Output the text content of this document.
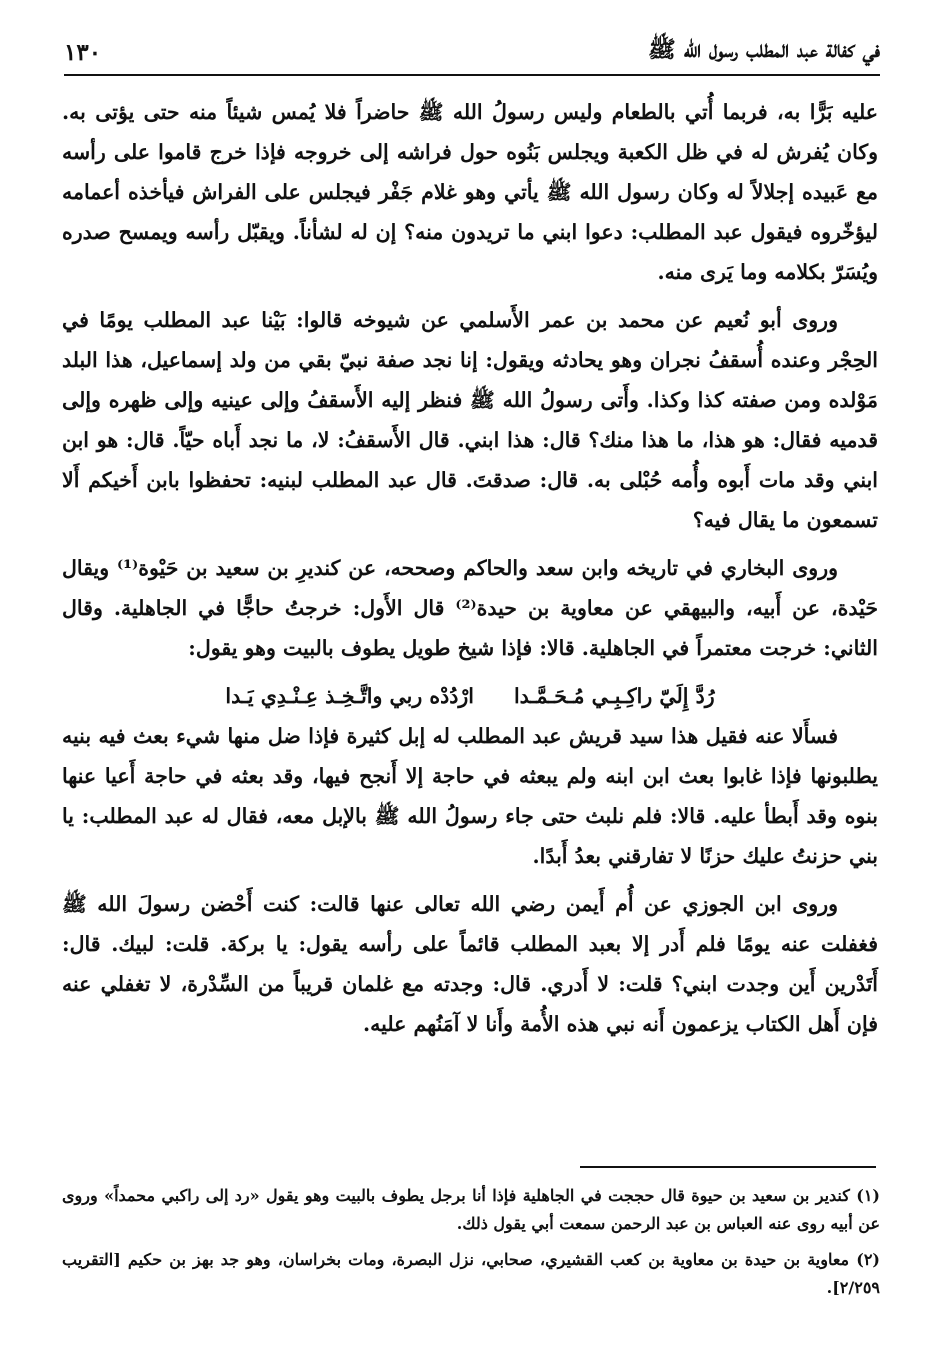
في كفالة عبد المطلب رسول الله ﷺ
١٣٠

عليه بَرًّا به، فربما أُتي بالطعام وليس رسولُ الله ﷺ حاضراً فلا يُمس شيئاً منه حتى يؤتى به. وكان يُفرش له في ظل الكعبة ويجلس بَنُوه حول فراشه إلى خروجه فإذا خرج قاموا على رأسه مع عَبيده إجلالاً له وكان رسول الله ﷺ يأتي وهو غلام جَفْر فيجلس على الفراش فيأخذه أعمامه ليؤخّروه فيقول عبد المطلب: دعوا ابني ما تريدون منه؟ إن له لشأناً. ويقبّل رأسه ويمسح صدره ويُسَرّ بكلامه وما يَرى منه.

وروى أبو نُعيم عن محمد بن عمر الأَسلمي عن شيوخه قالوا: بَيْنا عبد المطلب يومًا في الحِجْر وعنده أُسقفُ نجران وهو يحادثه ويقول: إنا نجد صفة نبيّ بقي من ولد إسماعيل، هذا البلد مَوْلده ومن صفته كذا وكذا. وأَتى رسولُ الله ﷺ فنظر إليه الأَسقفُ وإلى عينيه وإلى ظهره وإلى قدميه فقال: هو هذا، ما هذا منك؟ قال: هذا ابني. قال الأَسقفُ: لا، ما نجد أَباه حيّاً. قال: هو ابن ابني وقد مات أَبوه وأُمه حُبْلى به. قال: صدقتَ. قال عبد المطلب لبنيه: تحفظوا بابن أَخيكم أَلا تسمعون ما يقال فيه؟

وروى البخاري في تاريخه وابن سعد والحاكم وصححه، عن كنديرِ بن سعيد بن حَيْوة⁽¹⁾ ويقال حَيْدة، عن أَبيه، والبيهقي عن معاوية بن حيدة⁽²⁾ قال الأَول: خرجتُ حاجًّا في الجاهلية. وقال الثاني: خرجت معتمراً في الجاهلية. قالا: فإذا شيخ طويل يطوف بالبيت وهو يقول:

رُدَّ إِلَيّ راكِـبِـي مُـحَـمَّـدا
ارْدُدْه ربي واتَّـخِـذ عِـنْـدِي يَـدا

فسأَلا عنه فقيل هذا سيد قريش عبد المطلب له إبل كثيرة فإذا ضل منها شيء بعث فيه بنيه يطلبونها فإذا غابوا بعث ابن ابنه ولم يبعثه في حاجة إلا أَنجح فيها، وقد بعثه في حاجة أَعيا عنها بنوه وقد أَبطأ عليه. قالا: فلم نلبث حتى جاء رسولُ الله ﷺ بالإبل معه، فقال له عبد المطلب: يا بني حزنتُ عليك حزنًا لا تفارقني بعدُ أَبدًا.

وروى ابن الجوزي عن أُم أَيمن رضي الله تعالى عنها قالت: كنت أَحْضن رسولَ الله ﷺ فغفلت عنه يومًا فلم أَدر إلا بعبد المطلب قائماً على رأسه يقول: يا بركة. قلت: لبيك. قال: أَتَدْرين أَين وجدت ابني؟ قلت: لا أَدري. قال: وجدته مع غلمان قريباً من السِّدْرة، لا تغفلي عنه فإن أَهل الكتاب يزعمون أَنه نبي هذه الأُمة وأَنا لا آمَنُهم عليه.

(١) كندير بن سعيد بن حيوة قال حججت في الجاهلية فإذا أنا برجل يطوف بالبيت وهو يقول «رد إلى راكبي محمداً» وروى عن أبيه روى عنه العباس بن عبد الرحمن سمعت أبي يقول ذلك.

(٢) معاوية بن حيدة بن معاوية بن كعب القشيري، صحابي، نزل البصرة، ومات بخراسان، وهو جد بهز بن حكيم [التقريب ٢/٢٥٩].
